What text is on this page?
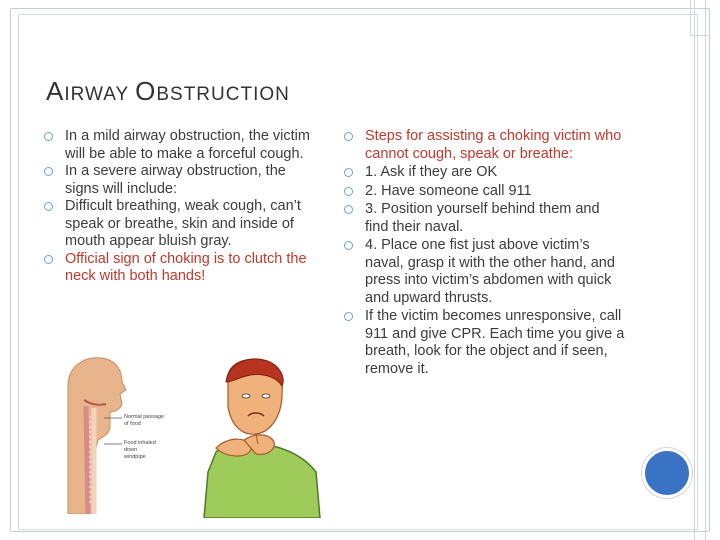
AIRWAY OBSTRUCTION
In a mild airway obstruction, the victim will be able to make a forceful cough.
In a severe airway obstruction, the signs will include:
Difficult breathing, weak cough, can’t speak or breathe, skin and inside of mouth appear bluish gray.
Official sign of choking is to clutch the neck with both hands!
Steps for assisting a choking victim who cannot cough, speak or breathe:
1. Ask if they are OK
2. Have someone call 911
3. Position yourself behind them and find their naval.
4. Place one fist just above victim’s naval, grasp it with the other hand, and press into victim’s abdomen with quick and upward thrusts.
If the victim becomes unresponsive, call 911 and give CPR. Each time you give a breath, look for the object and if seen, remove it.
Normal passage
of food
Food inhaled
down
windpipe
